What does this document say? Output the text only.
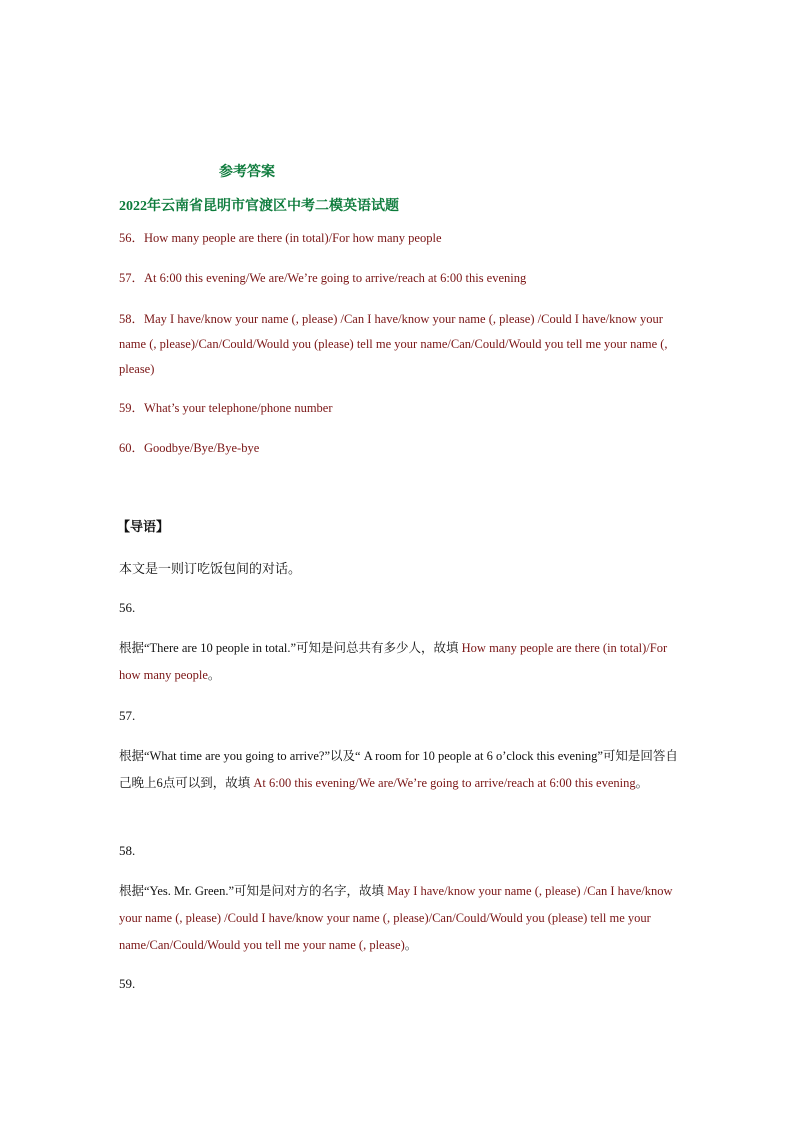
参考答案
2022年云南省昆明市官渡区中考二模英语试题
56．How many people are there (in total)/For how many people
57．At 6:00 this evening/We are/We’re going to arrive/reach at 6:00 this evening
58．May I have/know your name (, please) /Can I have/know your name (, please) /Could I have/know your name (, please)/Can/Could/Would you (please) tell me your name/Can/Could/Would you tell me your name (, please)
59．What’s your telephone/phone number
60．Goodbye/Bye/Bye-bye
【导语】
本文是一则订吃饭包间的对话。
56.
根据“There are 10 people in total.”可知是问总共有多少人，故填 How many people are there (in total)/For how many people。
57.
根据“What time are you going to arrive?”以及“ A room for 10 people at 6 o’clock this evening”可知是回答自己晚上6点可以到，故填 At 6:00 this evening/We are/We’re going to arrive/reach at 6:00 this evening。
58.
根据“Yes. Mr. Green.”可知是问对方的名字，故填 May I have/know your name (, please) /Can I have/know your name (, please) /Could I have/know your name (, please)/Can/Could/Would you (please) tell me your name/Can/Could/Would you tell me your name (, please)。
59.
